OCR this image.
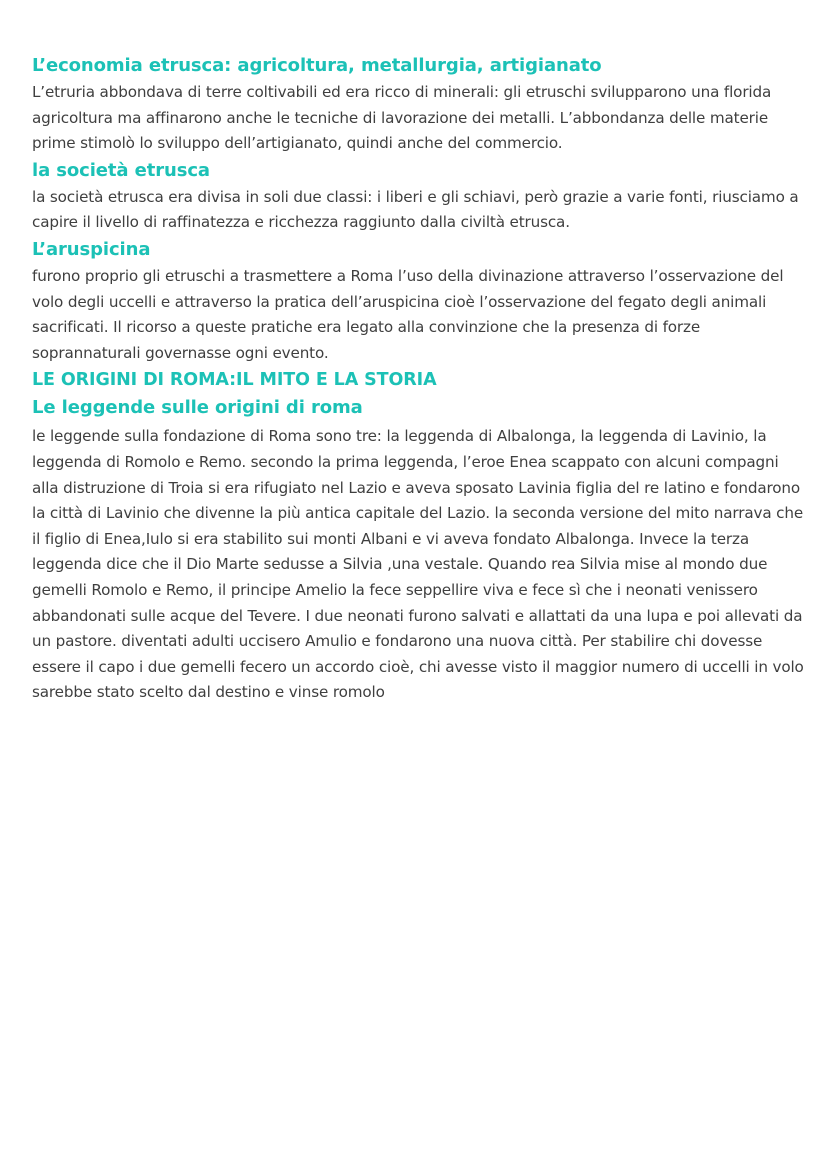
L’economia etrusca: agricoltura, metallurgia, artigianato

L’etruria abbondava di terre coltivabili ed era ricco di minerali: gli etruschi svilupparono una florida agricoltura ma affinarono anche le tecniche di lavorazione dei metalli. L’abbondanza delle materie prime stimolò lo sviluppo dell’artigianato, quindi anche del commercio.

la società etrusca

la società etrusca era divisa in soli due classi: i liberi e gli schiavi, però grazie a varie fonti, riusciamo a capire il livello di raffinatezza e ricchezza raggiunto dalla civiltà etrusca.

L’aruspicina

furono proprio gli etruschi a trasmettere a Roma l’uso della divinazione attraverso l’osservazione del volo degli uccelli e attraverso la pratica dell’aruspicina cioè l’osservazione del fegato degli animali sacrificati. Il ricorso a queste pratiche era legato alla convinzione che la presenza di forze soprannaturali governasse ogni evento.

LE ORIGINI DI ROMA:IL MITO E LA STORIA
Le leggende sulle origini di roma

le leggende sulla fondazione di Roma sono tre: la leggenda di Albalonga, la leggenda di Lavinio, la leggenda di Romolo e Remo. secondo la prima leggenda, l’eroe Enea scappato con alcuni compagni alla distruzione di Troia si era rifugiato nel Lazio e aveva sposato Lavinia figlia del re latino e fondarono la città di Lavinio che divenne la più antica capitale del Lazio. la seconda versione del mito narrava che il figlio di Enea,Iulo si era stabilito sui monti Albani e vi aveva fondato Albalonga. Invece la terza leggenda dice che il Dio Marte sedusse a Silvia ,una vestale. Quando rea Silvia mise al mondo due gemelli Romolo e Remo, il principe Amelio la fece seppellire viva e fece sì che i neonati venissero abbandonati sulle acque del Tevere. I due neonati furono salvati e allattati da una lupa e poi allevati da un pastore. diventati adulti uccisero Amulio e fondarono una nuova città. Per stabilire chi dovesse essere il capo i due gemelli fecero un accordo cioè, chi avesse visto il maggior numero di uccelli in volo sarebbe stato scelto dal destino e vinse romolo
